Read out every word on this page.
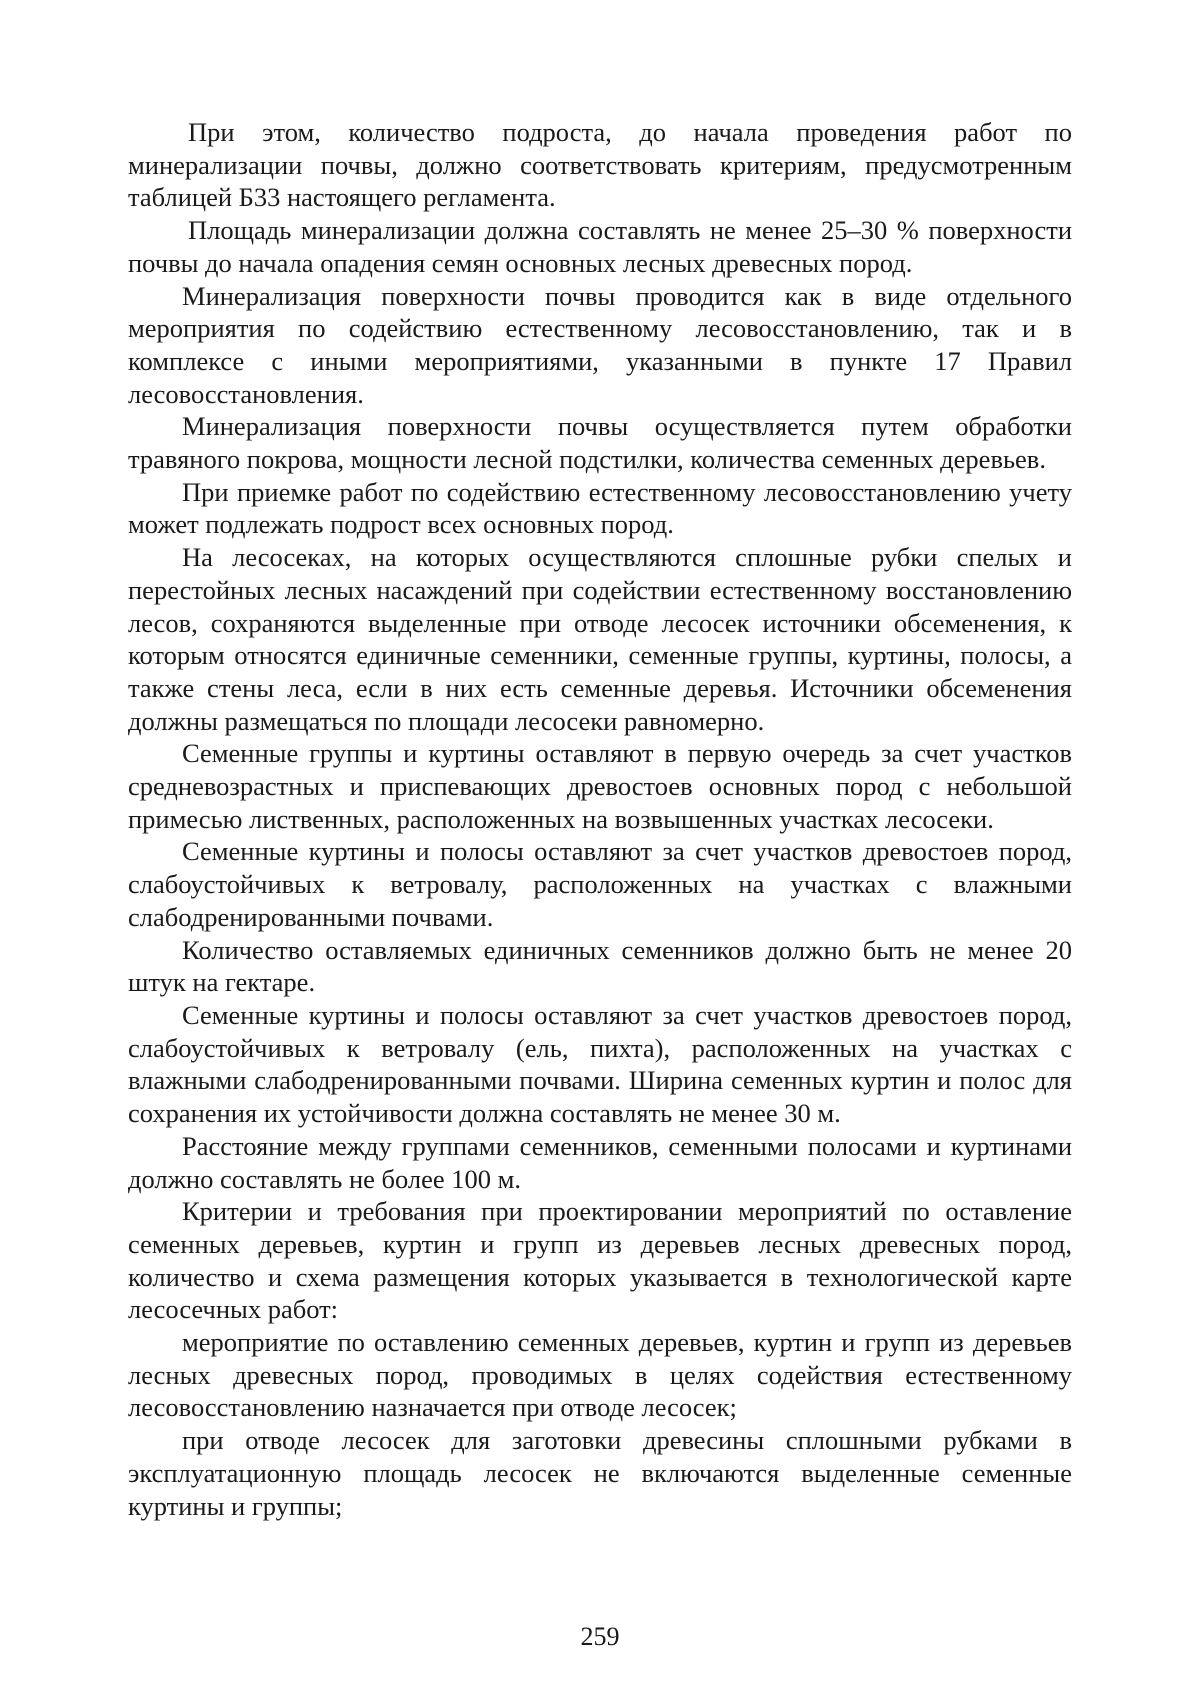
При этом, количество подроста, до начала проведения работ по минерализации почвы, должно соответствовать критериям, предусмотренным таблицей Б33 настоящего регламента.

Площадь минерализации должна составлять не менее 25–30 % поверхности почвы до начала опадения семян основных лесных древесных пород.

Минерализация поверхности почвы проводится как в виде отдельного мероприятия по содействию естественному лесовосстановлению, так и в комплексе с иными мероприятиями, указанными в пункте 17 Правил лесовосстановления.

Минерализация поверхности почвы осуществляется путем обработки травяного покрова, мощности лесной подстилки, количества семенных деревьев.

При приемке работ по содействию естественному лесовосстановлению учету может подлежать подрост всех основных пород.

На лесосеках, на которых осуществляются сплошные рубки спелых и перестойных лесных насаждений при содействии естественному восстановлению лесов, сохраняются выделенные при отводе лесосек источники обсеменения, к которым относятся единичные семенники, семенные группы, куртины, полосы, а также стены леса, если в них есть семенные деревья. Источники обсеменения должны размещаться по площади лесосеки равномерно.

Семенные группы и куртины оставляют в первую очередь за счет участков средневозрастных и приспевающих древостоев основных пород с небольшой примесью лиственных, расположенных на возвышенных участках лесосеки.

Семенные куртины и полосы оставляют за счет участков древостоев пород, слабоустойчивых к ветровалу, расположенных на участках с влажными слабодренированными почвами.

Количество оставляемых единичных семенников должно быть не менее 20 штук на гектаре.

Семенные куртины и полосы оставляют за счет участков древостоев пород, слабоустойчивых к ветровалу (ель, пихта), расположенных на участках с влажными слабодренированными почвами. Ширина семенных куртин и полос для сохранения их устойчивости должна составлять не менее 30 м.

Расстояние между группами семенников, семенными полосами и куртинами должно составлять не более 100 м.

Критерии и требования при проектировании мероприятий по оставление семенных деревьев, куртин и групп из деревьев лесных древесных пород, количество и схема размещения которых указывается в технологической карте лесосечных работ:

мероприятие по оставлению семенных деревьев, куртин и групп из деревьев лесных древесных пород, проводимых в целях содействия естественному лесовосстановлению назначается при отводе лесосек;

при отводе лесосек для заготовки древесины сплошными рубками в эксплуатационную площадь лесосек не включаются выделенные семенные куртины и группы;

259
